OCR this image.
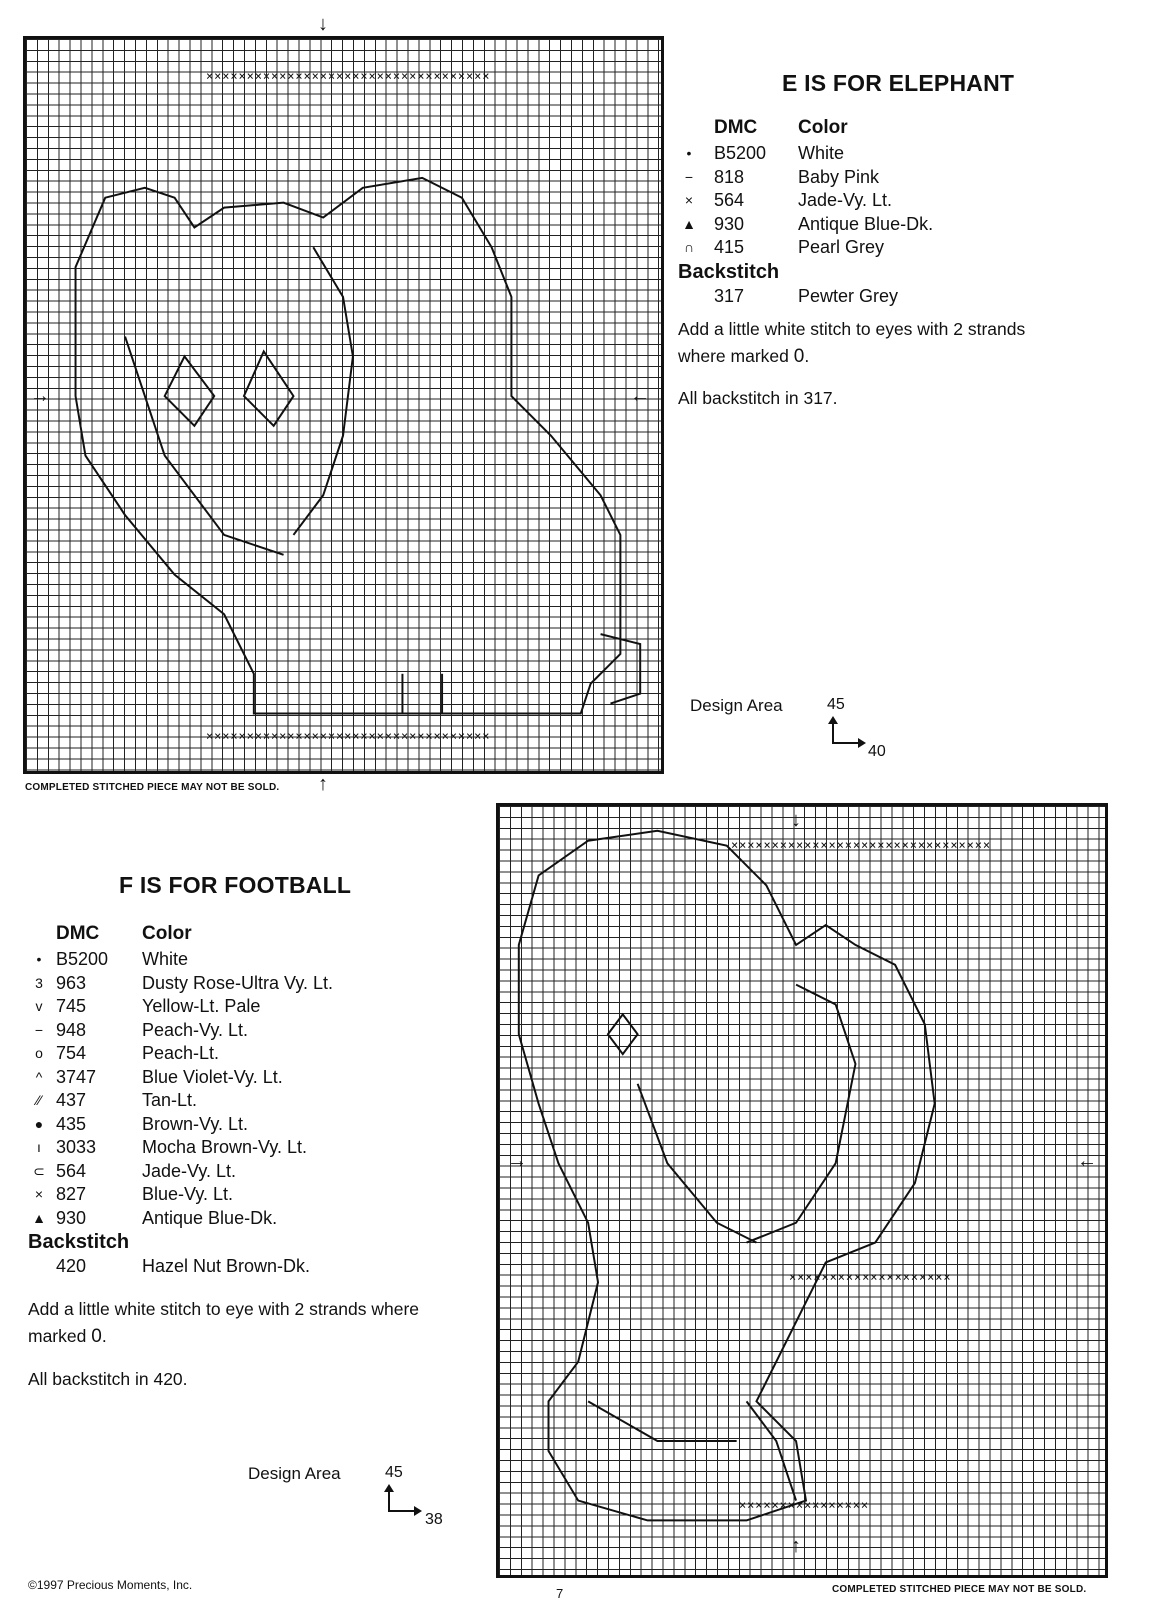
×××××××××××××××××××××××××××××××××××
×××××××××××××××××××××××××××××××××××
↓
↑
→	←
COMPLETED STITCHED PIECE MAY NOT BE SOLD.
E IS FOR ELEPHANT
DMC Color
•	B5200 White
−	818	Baby Pink
×	564	Jade-Vy. Lt.
▲ 930	Antique Blue-Dk.
∩	415	Pearl Grey
Backstitch
317	Pewter Grey
Add a little white stitch to eyes with 2 strands
where marked 0.
All backstitch in 317.
Design Area	45
40
F IS FOR FOOTBALL
DMC Color
• B5200 White
3 963	Dusty Rose-Ultra Vy. Lt.
v 745	Yellow-Lt. Pale
− 948	Peach-Vy. Lt.
o 754	Peach-Lt.
^ 3747	Blue Violet-Vy. Lt.
⁄⁄ 437	Tan-Lt.
● 435	Brown-Vy. Lt.
ı 3033	Mocha Brown-Vy. Lt.
⊂ 564	Jade-Vy. Lt.
× 827	Blue-Vy. Lt.
▲ 930	Antique Blue-Dk.
Backstitch
420	Hazel Nut Brown-Dk.
Add a little white stitch to eye with 2 strands where
marked 0.
All backstitch in 420.
Design Area	45
38
××××××××××××××××××××××××××××××××
××××××××××××××××××××
××××××××××××××××
↓
↑
→	←
COMPLETED STITCHED PIECE MAY NOT BE SOLD.
©1997 Precious Moments, Inc.
7
